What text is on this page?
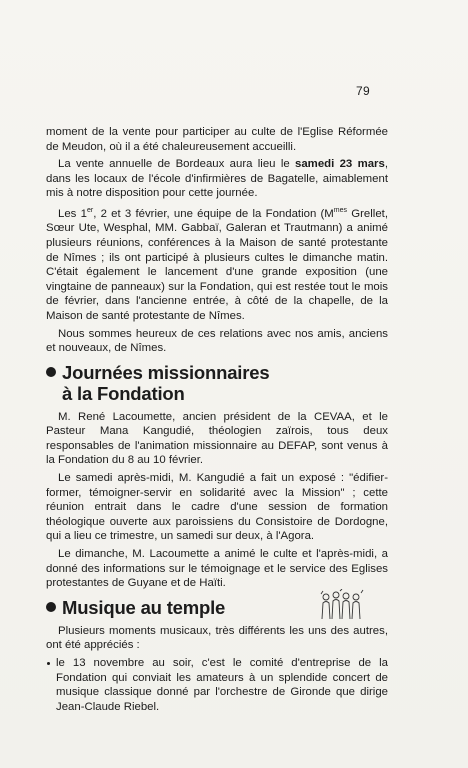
79

moment de la vente pour participer au culte de l'Eglise Réformée de Meudon, où il a été chaleureusement accueilli.

La vente annuelle de Bordeaux aura lieu le samedi 23 mars, dans les locaux de l'école d'infirmières de Bagatelle, aimablement mis à notre disposition pour cette journée.

Les 1er, 2 et 3 février, une équipe de la Fondation ($M^{mes}$ Grellet, Sœur Ute, Wesphal, MM. Gabbaï, Galeran et Trautmann) a animé plusieurs réunions, conférences à la Maison de santé protestante de Nîmes ; ils ont participé à plusieurs cultes le dimanche matin. C'était également le lancement d'une grande exposition (une vingtaine de panneaux) sur la Fondation, qui est restée tout le mois de février, dans l'ancienne entrée, à côté de la chapelle, de la Maison de santé protestante de Nîmes.

Nous sommes heureux de ces relations avec nos amis, anciens et nouveaux, de Nîmes.

Journées missionnaires
à la Fondation

M. René Lacoumette, ancien président de la CEVAA, et le Pasteur Mana Kangudié, théologien zaïrois, tous deux responsables de l'animation missionnaire au DEFAP, sont venus à la Fondation du 8 au 10 février.

Le samedi après-midi, M. Kangudié a fait un exposé : "édifier-former, témoigner-servir en solidarité avec la Mission" ; cette réunion entrait dans le cadre d'une session de formation théologique ouverte aux paroissiens du Consistoire de Dordogne, qui a lieu ce trimestre, un samedi sur deux, à l'Agora.

Le dimanche, M. Lacoumette a animé le culte et l'après-midi, a donné des informations sur le témoignage et le service des Eglises protestantes de Guyane et de Haïti.

Musique au temple

Plusieurs moments musicaux, très différents les uns des autres, ont été appréciés :

le 13 novembre au soir, c'est le comité d'entreprise de la Fondation qui conviait les amateurs à un splendide concert de musique classique donné par l'orchestre de Gironde que dirige Jean-Claude Riebel.
